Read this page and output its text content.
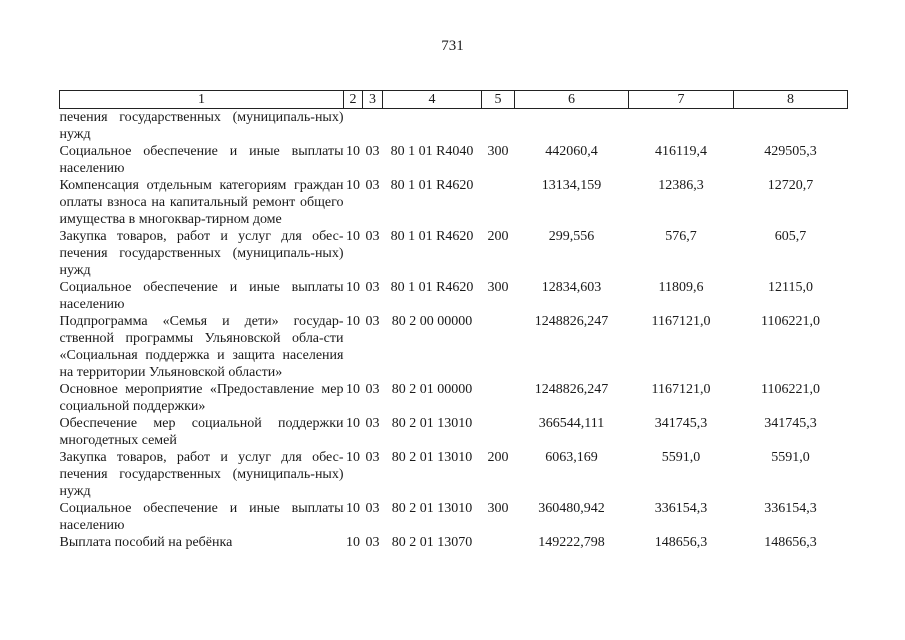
731
1	2	3	4	5	6	7	8
печения государственных (муниципаль-ных) нужд							
Социальное обеспечение и иные выплаты населению	10	03	80 1 01 R4040	300	442060,4	416119,4	429505,3
Компенсация отдельным категориям граждан оплаты взноса на капитальный ремонт общего имущества в многоквар-тирном доме	10	03	80 1 01 R4620		13134,159	12386,3	12720,7
Закупка товаров, работ и услуг для обес-печения государственных (муниципаль-ных) нужд	10	03	80 1 01 R4620	200	299,556	576,7	605,7
Социальное обеспечение и иные выплаты населению	10	03	80 1 01 R4620	300	12834,603	11809,6	12115,0
Подпрограмма «Семья и дети» государ-ственной программы Ульяновской обла-сти «Социальная поддержка и защита населения на территории Ульяновской области»	10	03	80 2 00 00000		1248826,247	1167121,0	1106221,0
Основное мероприятие «Предоставление мер социальной поддержки»	10	03	80 2 01 00000		1248826,247	1167121,0	1106221,0
Обеспечение мер социальной поддержки многодетных семей	10	03	80 2 01 13010		366544,111	341745,3	341745,3
Закупка товаров, работ и услуг для обес-печения государственных (муниципаль-ных) нужд	10	03	80 2 01 13010	200	6063,169	5591,0	5591,0
Социальное обеспечение и иные выплаты населению	10	03	80 2 01 13010	300	360480,942	336154,3	336154,3
Выплата пособий на ребёнка	10	03	80 2 01 13070		149222,798	148656,3	148656,3
